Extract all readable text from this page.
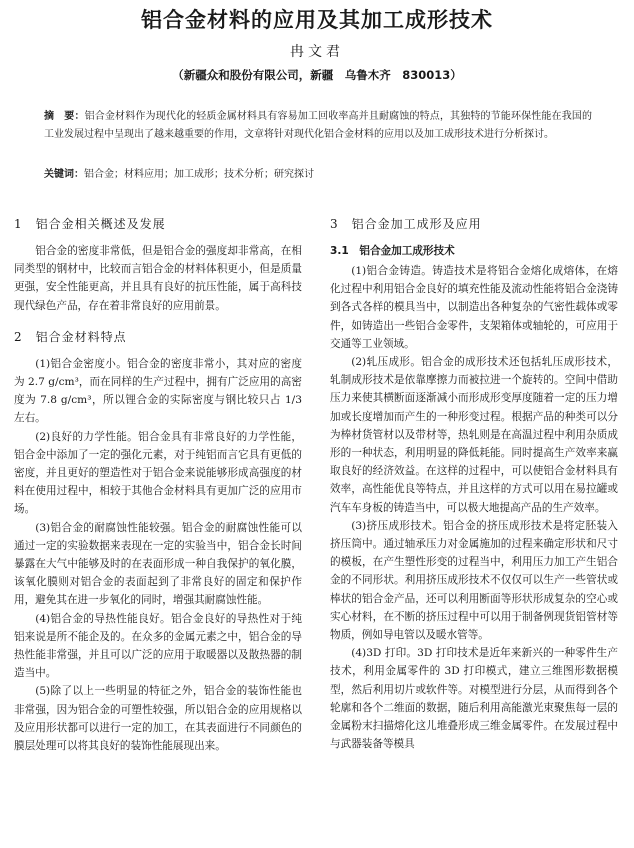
铝合金材料的应用及其加工成形技术
冉文君
（新疆众和股份有限公司，新疆　乌鲁木齐　830013）
摘　要：铝合金材料作为现代化的轻质金属材料具有容易加工回收率高并且耐腐蚀的特点，其独特的节能环保性能在我国的工业发展过程中呈现出了越来越重要的作用，文章将针对现代化铝合金材料的应用以及加工成形技术进行分析探讨。
关键词：铝合金；材料应用；加工成形；技术分析；研究探讨
1　铝合金相关概述及发展

铝合金的密度非常低，但是铝合金的强度却非常高，在相同类型的钢材中，比较而言铝合金的材料体积更小，但是质量更强，安全性能更高，并且具有良好的抗压性能，属于高科技现代绿色产品，存在着非常良好的应用前景。

2　铝合金材料特点

(1)铝合金密度小。铝合金的密度非常小，其对应的密度为 2.7 g/cm³，而在同样的生产过程中，拥有广泛应用的高密度为 7.8 g/cm³，所以锂合金的实际密度与钢比较只占 1/3 左右。

(2)良好的力学性能。铝合金具有非常良好的力学性能，铝合金中添加了一定的强化元素，对于纯铝而言它具有更低的密度，并且更好的塑造性对于铝合金来说能够形成高强度的材料在使用过程中，相较于其他合金材料具有更加广泛的应用市场。

(3)铝合金的耐腐蚀性能较强。铝合金的耐腐蚀性能可以通过一定的实验数据来表现在一定的实验当中，铝合金长时间暴露在大气中能够及时的在表面形成一种自我保护的氧化膜，该氧化膜则对铝合金的表面起到了非常良好的固定和保护作用，避免其在进一步氧化的同时，增强其耐腐蚀性能。

(4)铝合金的导热性能良好。铝合金良好的导热性对于纯铝来说是所不能企及的。在众多的金属元素之中，铝合金的导热性能非常强，并且可以广泛的应用于取暖器以及散热器的制造当中。

(5)除了以上一些明显的特征之外，铝合金的装饰性能也非常强，因为铝合金的可塑性较强，所以铝合金的应用规格以及应用形状都可以进行一定的加工，在其表面进行不同颜色的膜层处理可以将其良好的装饰性能展现出来。

3　铝合金加工成形及应用
3.1　铝合金加工成形技术

(1)铝合金铸造。铸造技术是将铝合金熔化成熔体，在熔化过程中利用铝合金良好的填充性能及流动性能将铝合金浇铸到各式各样的模具当中，以制造出各种复杂的气密性载体或零件，如铸造出一些铝合金零件，支架箱体或轴轮的，可应用于交通等工业领域。

(2)轧压成形。铝合金的成形技术还包括轧压成形技术，轧制成形技术是依靠摩擦力而被拉进一个旋转的。空间中借助压力来使其横断面逐渐减小而形成形变厚度随着一定的压力增加或长度增加而产生的一种形变过程。根据产品的种类可以分为棒材货管材以及带材等，热轧则是在高温过程中利用杂质成形的一种状态，利用明显的降低耗能。同时提高生产效率来赢取良好的经济效益。在这样的过程中，可以使铝合金材料具有效率，高性能优良等特点，并且这样的方式可以用在易拉罐或汽车车身板的铸造当中，可以极大地提高产品的生产效率。

(3)挤压成形技术。铝合金的挤压成形技术是将定胚装入挤压筒中。通过轴承压力对金属施加的过程来确定形状和尺寸的模板，在产生塑性形变的过程当中，利用压力加工产生铝合金的不同形状。利用挤压成形技术不仅仅可以生产一些管状或棒状的铝合金产品，还可以利用断面等形状形成复杂的空心或实心材料，在不断的挤压过程中可以用于制备例现货铝管材等物质，例如导电管以及暖水管等。

(4)3D 打印。3D 打印技术是近年来新兴的一种零件生产技术，利用金属零件的 3D 打印模式，建立三维图形数据模型，然后利用切片或软件等。对模型进行分层，从而得到各个轮廓和各个二维面的数据，随后利用高能激光束聚焦每一层的金属粉末扫描熔化这儿堆叠形成三维金属零件。在发展过程中与武器装备等模具
